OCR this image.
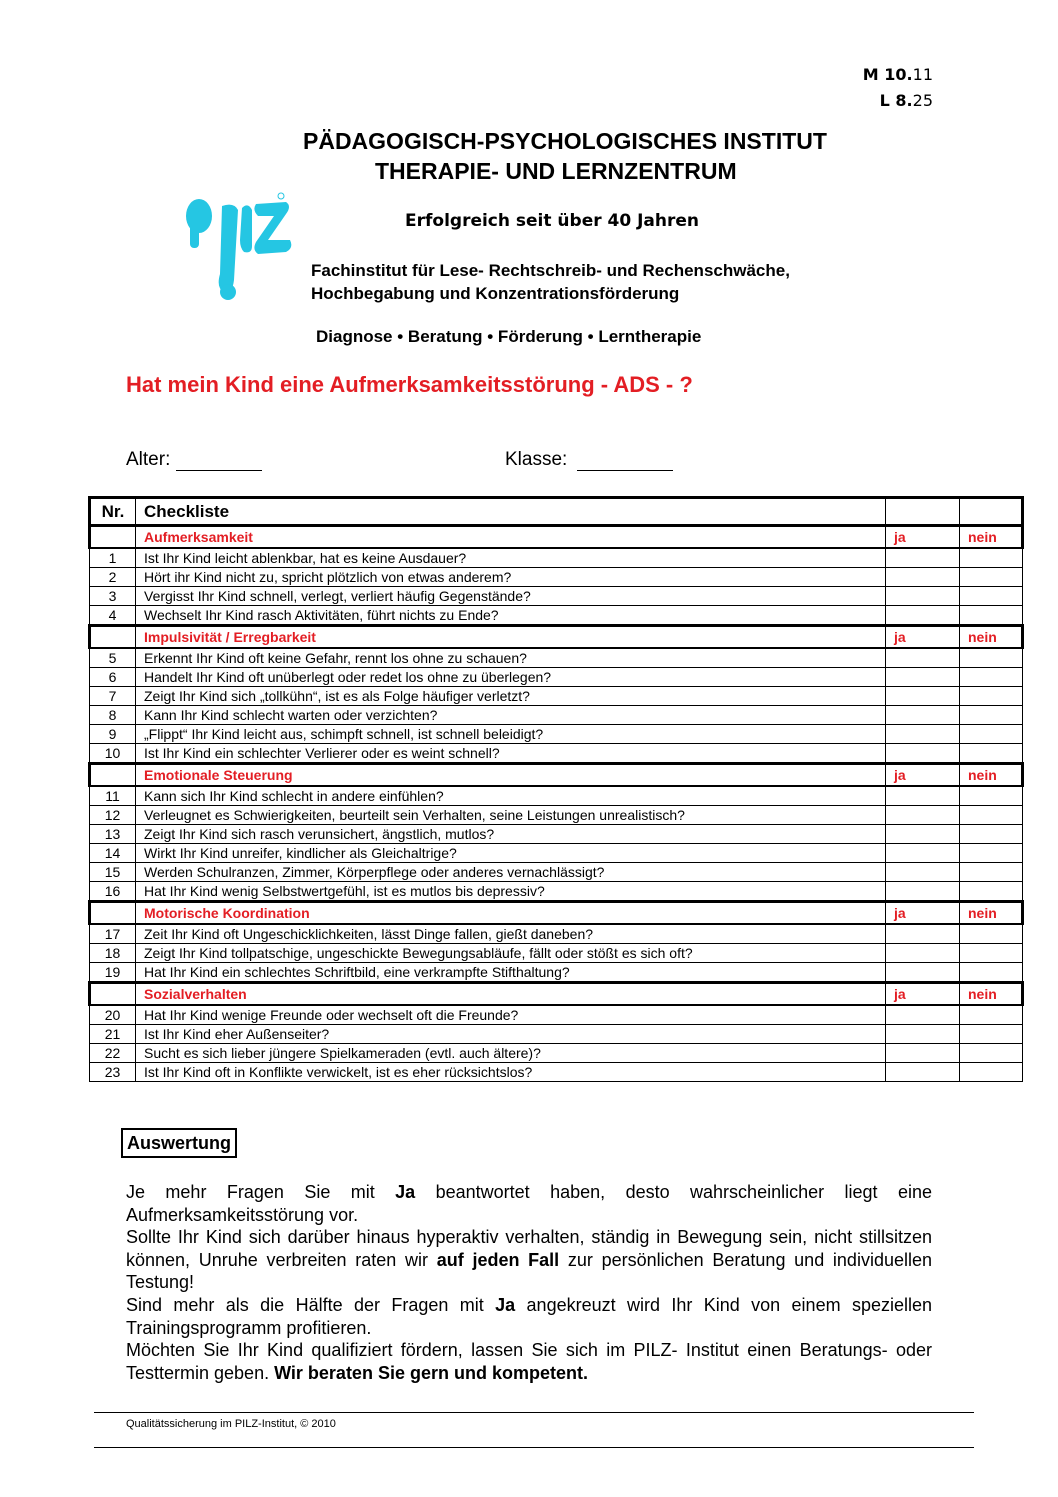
M 10.11
L 8.25
PÄDAGOGISCH-PSYCHOLOGISCHES INSTITUT
THERAPIE- UND LERNZENTRUM
Erfolgreich seit über 40 Jahren
Fachinstitut für Lese- Rechtschreib- und Rechenschwäche,
Hochbegabung und Konzentrationsförderung
Diagnose • Beratung • Förderung • Lerntherapie
Hat mein Kind eine Aufmerksamkeitsstörung - ADS - ?
Alter:	Klasse:
Nr.	Checkliste		
	Aufmerksamkeit	ja	nein
1	Ist Ihr Kind leicht ablenkbar, hat es keine Ausdauer?		
2	Hört ihr Kind nicht zu, spricht plötzlich von etwas anderem?		
3	Vergisst Ihr Kind schnell, verlegt, verliert häufig Gegenstände?		
4	Wechselt Ihr Kind rasch Aktivitäten, führt nichts zu Ende?		
	Impulsivität / Erregbarkeit	ja	nein
5	Erkennt Ihr Kind oft keine Gefahr, rennt los ohne zu schauen?		
6	Handelt Ihr Kind oft unüberlegt oder redet los ohne zu überlegen?		
7	Zeigt Ihr Kind sich „tollkühn“, ist es als Folge häufiger verletzt?		
8	Kann Ihr Kind schlecht warten oder verzichten?		
9	„Flippt“ Ihr Kind leicht aus, schimpft schnell, ist schnell beleidigt?		
10	Ist Ihr Kind ein schlechter Verlierer oder es weint schnell?		
	Emotionale Steuerung	ja	nein
11	Kann sich Ihr Kind schlecht in andere einfühlen?		
12	Verleugnet es Schwierigkeiten, beurteilt sein Verhalten, seine Leistungen unrealistisch?		
13	Zeigt Ihr Kind sich rasch verunsichert, ängstlich, mutlos?		
14	Wirkt Ihr Kind unreifer, kindlicher als Gleichaltrige?		
15	Werden Schulranzen, Zimmer, Körperpflege oder anderes vernachlässigt?		
16	Hat Ihr Kind wenig Selbstwertgefühl, ist es mutlos bis depressiv?		
	Motorische Koordination	ja	nein
17	Zeit Ihr Kind oft Ungeschicklichkeiten, lässt Dinge fallen, gießt daneben?		
18	Zeigt Ihr Kind tollpatschige, ungeschickte Bewegungsabläufe, fällt oder stößt es sich oft?		
19	Hat Ihr Kind ein schlechtes Schriftbild, eine verkrampfte Stifthaltung?		
	Sozialverhalten	ja	nein
20	Hat Ihr Kind wenige Freunde oder wechselt oft die Freunde?		
21	Ist Ihr Kind eher Außenseiter?		
22	Sucht es sich lieber jüngere Spielkameraden (evtl. auch ältere)?		
23	Ist Ihr Kind oft in Konflikte verwickelt, ist es eher rücksichtslos?		
Auswertung

Je mehr Fragen Sie mit Ja beantwortet haben, desto wahrscheinlicher liegt eine Aufmerksamkeitsstörung vor.

Sollte Ihr Kind sich darüber hinaus hyperaktiv verhalten, ständig in Bewegung sein, nicht stillsitzen können, Unruhe verbreiten raten wir auf jeden Fall zur persönlichen Beratung und individuellen Testung!

Sind mehr als die Hälfte der Fragen mit Ja angekreuzt wird Ihr Kind von einem speziellen Trainingsprogramm profitieren.

Möchten Sie Ihr Kind qualifiziert fördern, lassen Sie sich im PILZ- Institut einen Beratungs- oder Testtermin geben. Wir beraten Sie gern und kompetent.

Qualitätssicherung im PILZ-Institut, © 2010
